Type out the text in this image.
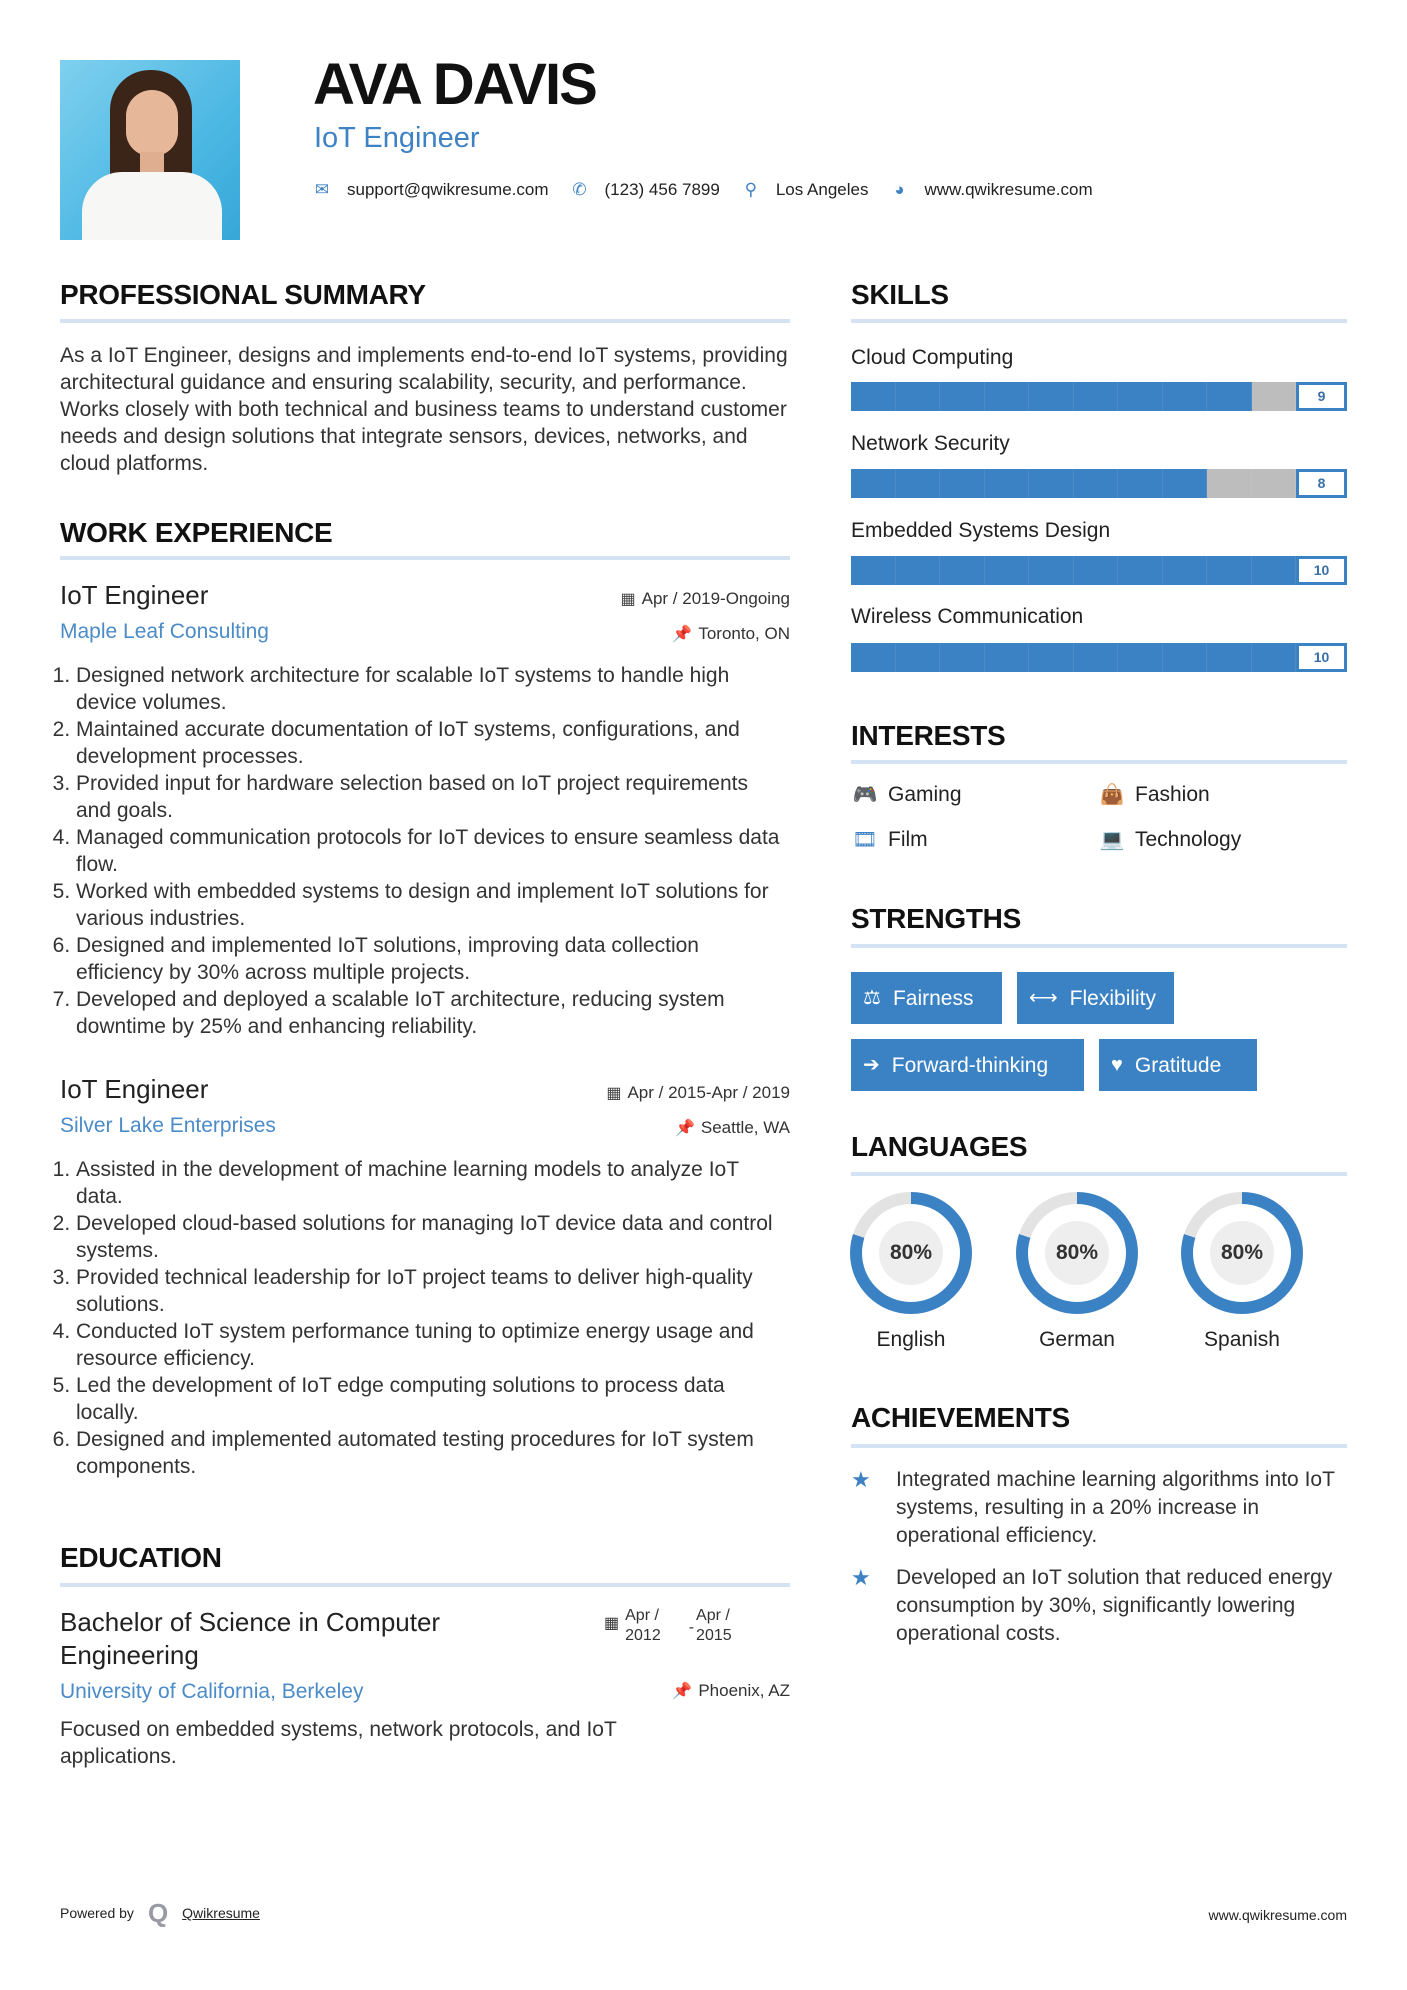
AVA DAVIS
IoT Engineer
✉ support@qwikresume.com ✆ (123) 456 7899 ⚲ Los Angeles ◕ www.qwikresume.com
PROFESSIONAL SUMMARY
As a IoT Engineer, designs and implements end-to-end IoT systems, providing architectural guidance and ensuring scalability, security, and performance. Works closely with both technical and business teams to understand customer needs and design solutions that integrate sensors, devices, networks, and cloud platforms.
WORK EXPERIENCE
IoT Engineer	▦ Apr / 2019-Ongoing
Maple Leaf Consulting	📌 Toronto, ON
1. Designed network architecture for scalable IoT systems to handle high device volumes.
2. Maintained accurate documentation of IoT systems, configurations, and development processes.
3. Provided input for hardware selection based on IoT project requirements and goals.
4. Managed communication protocols for IoT devices to ensure seamless data flow.
5. Worked with embedded systems to design and implement IoT solutions for various industries.
6. Designed and implemented IoT solutions, improving data collection efficiency by 30% across multiple projects.
7. Developed and deployed a scalable IoT architecture, reducing system downtime by 25% and enhancing reliability.
IoT Engineer	▦ Apr / 2015-Apr / 2019
Silver Lake Enterprises	📌 Seattle, WA
1. Assisted in the development of machine learning models to analyze IoT data.
2. Developed cloud-based solutions for managing IoT device data and control systems.
3. Provided technical leadership for IoT project teams to deliver high-quality solutions.
4. Conducted IoT system performance tuning to optimize energy usage and resource efficiency.
5. Led the development of IoT edge computing solutions to process data locally.
6. Designed and implemented automated testing procedures for IoT system components.
EDUCATION
Bachelor of Science in Computer Engineering
▦ Apr /
2012 -
Apr /
2015
University of California, Berkeley	📌 Phoenix, AZ
Focused on embedded systems, network protocols, and IoT applications.
SKILLS
Cloud Computing
9
Network Security
8
Embedded Systems Design
10
Wireless Communication
10
INTERESTS
🎮 Gaming	👜 Fashion
🎞 Film	💻 Technology
STRENGTHS
⚖ Fairness	⟷ Flexibility
➔ Forward-thinking	♥ Gratitude
LANGUAGES
80%
English
80%
German
80%
Spanish
ACHIEVEMENTS
★	Integrated machine learning algorithms into IoT systems, resulting in a 20% increase in operational efficiency.
★	Developed an IoT solution that reduced energy consumption by 30%, significantly lowering operational costs.
Powered by Q Qwikresume	www.qwikresume.com
